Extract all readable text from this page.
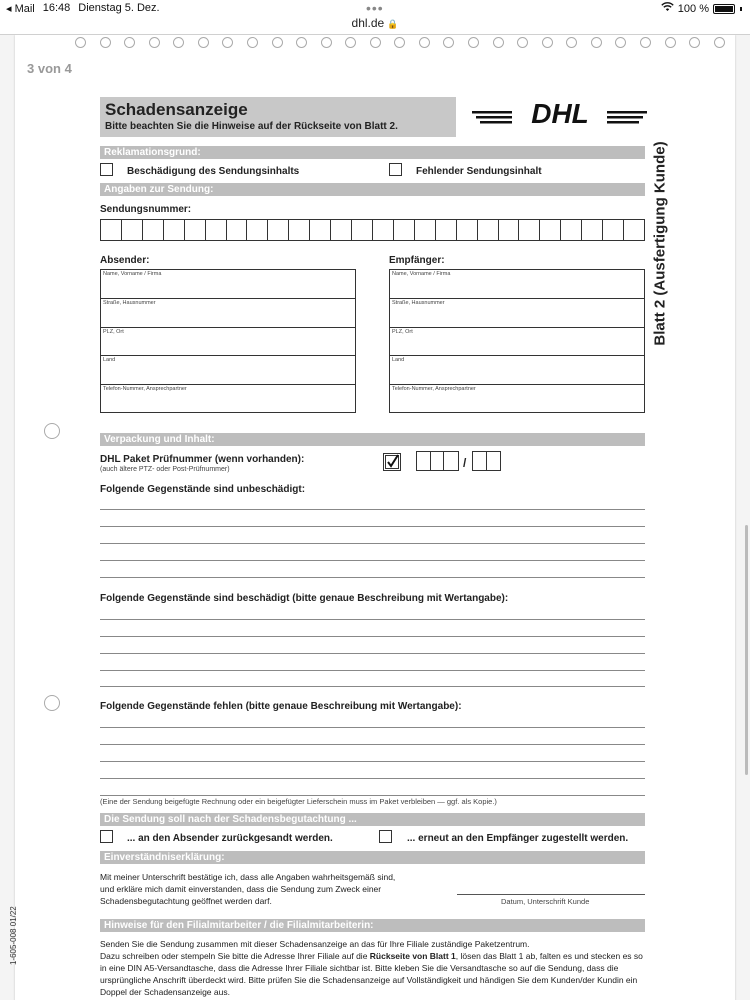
◂ Mail 16:48 Dienstag 5. Dez.	•••	100 %
dhl.de 🔒
Schadensanzeige
Bitte beachten Sie die Hinweise auf der Rückseite von Blatt 2.	DHL
Blatt 2 (Ausfertigung Kunde)
Reklamationsgrund:
Beschädigung des Sendungsinhalts	Fehlender Sendungsinhalt
Angaben zur Sendung:
Sendungsnummer:
Absender:	Empfänger:
Name, Vorname / Firma
Straße, Hausnummer
PLZ, Ort
Land
Telefon-Nummer, Ansprechpartner
Name, Vorname / Firma
Straße, Hausnummer
PLZ, Ort
Land
Telefon-Nummer, Ansprechpartner
Verpackung und Inhalt:
DHL Paket Prüfnummer (wenn vorhanden):
(auch ältere PTZ- oder Post-Prüfnummer)	/
Folgende Gegenstände sind unbeschädigt:
Folgende Gegenstände sind beschädigt (bitte genaue Beschreibung mit Wertangabe):
Folgende Gegenstände fehlen (bitte genaue Beschreibung mit Wertangabe):
(Eine der Sendung beigefügte Rechnung oder ein beigefügter Lieferschein muss im Paket verbleiben — ggf. als Kopie.)
Die Sendung soll nach der Schadensbegutachtung ...
... an den Absender zurückgesandt werden.	... erneut an den Empfänger zugestellt werden.
Einverständniserklärung:
Mit meiner Unterschrift bestätige ich, dass alle Angaben wahrheitsgemäß sind, und erkläre mich damit einverstanden, dass die Sendung zum Zweck einer Schadensbegutachtung geöffnet werden darf.	Datum, Unterschrift Kunde
Hinweise für den Filialmitarbeiter / die Filialmitarbeiterin:
Senden Sie die Sendung zusammen mit dieser Schadensanzeige an das für Ihre Filiale zuständige Paketzentrum.
Dazu schreiben oder stempeln Sie bitte die Adresse Ihrer Filiale auf die Rückseite von Blatt 1, lösen das Blatt 1 ab, falten es und stecken es so in eine DIN A5-Versandtasche, dass die Adresse Ihrer Filiale sichtbar ist. Bitte kleben Sie die Versandtasche so auf die Sendung, dass die ursprüngliche Anschrift überdeckt wird. Bitte prüfen Sie die Schadensanzeige auf Vollständigkeit und händigen Sie dem Kunden/der Kundin ein Doppel der Schadensanzeige aus.
1-605-008 01/22
3 von 4
